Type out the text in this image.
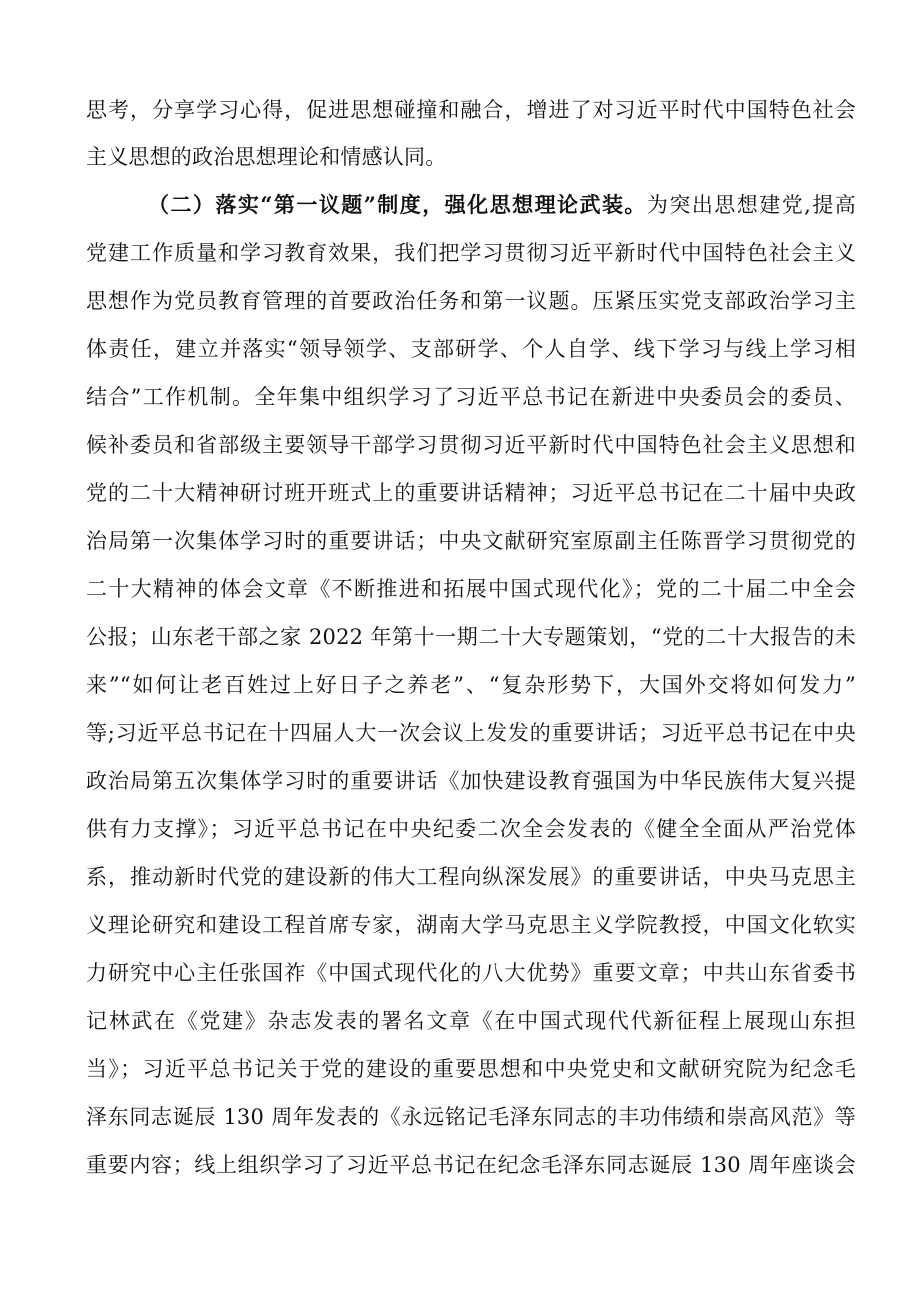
思考，分享学习心得，促进思想碰撞和融合，增进了对习近平时代中国特色社会
主义思想的政治思想理论和情感认同。
（二）落实“第一议题”制度，强化思想理论武装。为突出思想建党,提高
党建工作质量和学习教育效果，我们把学习贯彻习近平新时代中国特色社会主义
思想作为党员教育管理的首要政治任务和第一议题。压紧压实党支部政治学习主
体责任，建立并落实“领导领学、支部研学、个人自学、线下学习与线上学习相
结合”工作机制。全年集中组织学习了习近平总书记在新进中央委员会的委员、
候补委员和省部级主要领导干部学习贯彻习近平新时代中国特色社会主义思想和
党的二十大精神研讨班开班式上的重要讲话精神；习近平总书记在二十届中央政
治局第一次集体学习时的重要讲话；中央文献研究室原副主任陈晋学习贯彻党的
二十大精神的体会文章《不断推进和拓展中国式现代化》；党的二十届二中全会
公报；山东老干部之家 2022 年第十一期二十大专题策划，“党的二十大报告的未
来”“如何让老百姓过上好日子之养老”、“复杂形势下，大国外交将如何发力”
等;习近平总书记在十四届人大一次会议上发发的重要讲话；习近平总书记在中央
政治局第五次集体学习时的重要讲话《加快建设教育强国为中华民族伟大复兴提
供有力支撑》；习近平总书记在中央纪委二次全会发表的《健全全面从严治党体
系，推动新时代党的建设新的伟大工程向纵深发展》的重要讲话，中央马克思主
义理论研究和建设工程首席专家，湖南大学马克思主义学院教授，中国文化软实
力研究中心主任张国祚《中国式现代化的八大优势》重要文章；中共山东省委书
记林武在《党建》杂志发表的署名文章《在中国式现代代新征程上展现山东担
当》；习近平总书记关于党的建设的重要思想和中央党史和文献研究院为纪念毛
泽东同志诞辰 130 周年发表的《永远铭记毛泽东同志的丰功伟绩和崇高风范》等
重要内容；线上组织学习了习近平总书记在纪念毛泽东同志诞辰 130 周年座谈会
